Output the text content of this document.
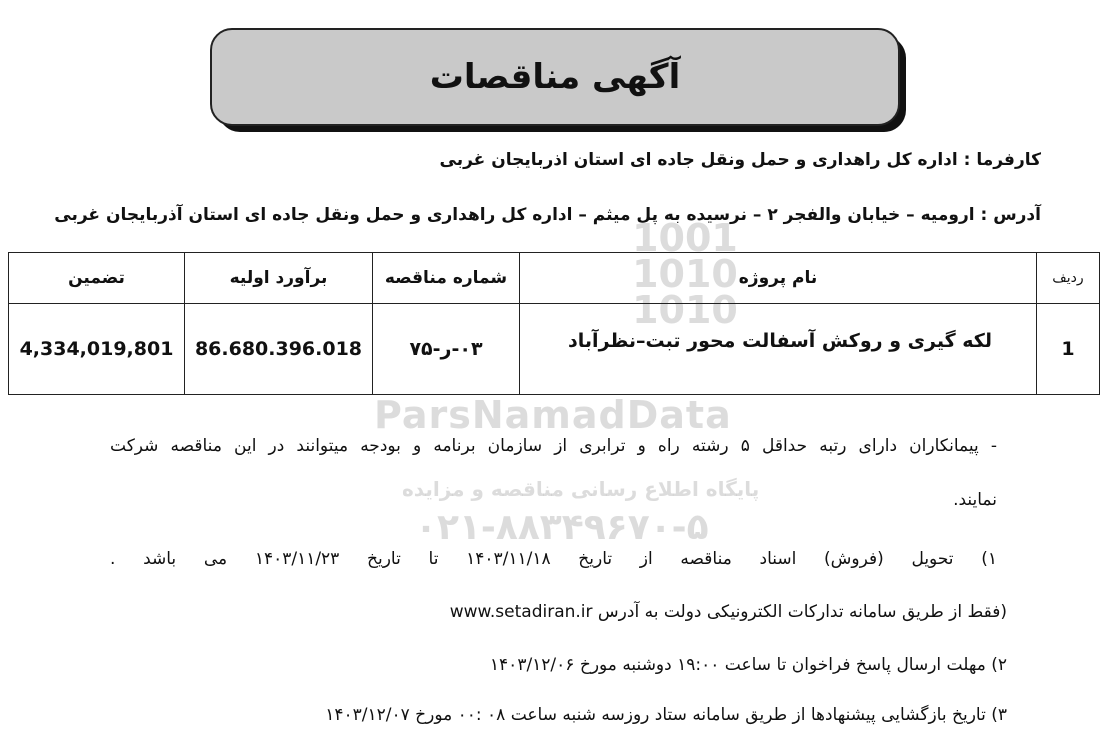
آگهی مناقصات
کارفرما : اداره کل راهداری و حمل ونقل جاده ای استان اذربایجان غربی
آدرس : ارومیه – خیابان والفجر ۲ – نرسیده به پل میثم – اداره کل راهداری و حمل ونقل جاده ای استان آذربایجان غربی
1001 1010 1010
ParsNamadData
پایگاه اطلاع رسانی مناقصه و مزایده
۰۲۱-۸۸۳۴۹۶۷۰-۵
ردیف	نام پروژه	شماره مناقصه	برآورد اولیه	تضمین
1	لکه گیری و روکش آسفالت محور تبت–نظرآباد	۰۳-ر-۷۵	86.680.396.018	4,334,019,801
- پیمانکاران دارای رتبه حداقل ۵ رشته راه و ترابری از سازمان برنامه و بودجه میتوانند در این مناقصه شرکت
نمایند.
۱) تحویل (فروش) اسناد مناقصه از تاریخ ۱۴۰۳/۱۱/۱۸ تا تاریخ ۱۴۰۳/۱۱/۲۳ می باشد .
(فقط از طریق سامانه تدارکات الکترونیکی دولت به آدرس www.setadiran.ir
۲) مهلت ارسال پاسخ فراخوان تا ساعت ۱۹:۰۰ دوشنبه مورخ ۱۴۰۳/۱۲/۰۶
۳) تاریخ بازگشایی پیشنهادها از طریق سامانه ستاد روزسه شنبه ساعت ۰۸ :۰۰ مورخ ۱۴۰۳/۱۲/۰۷
